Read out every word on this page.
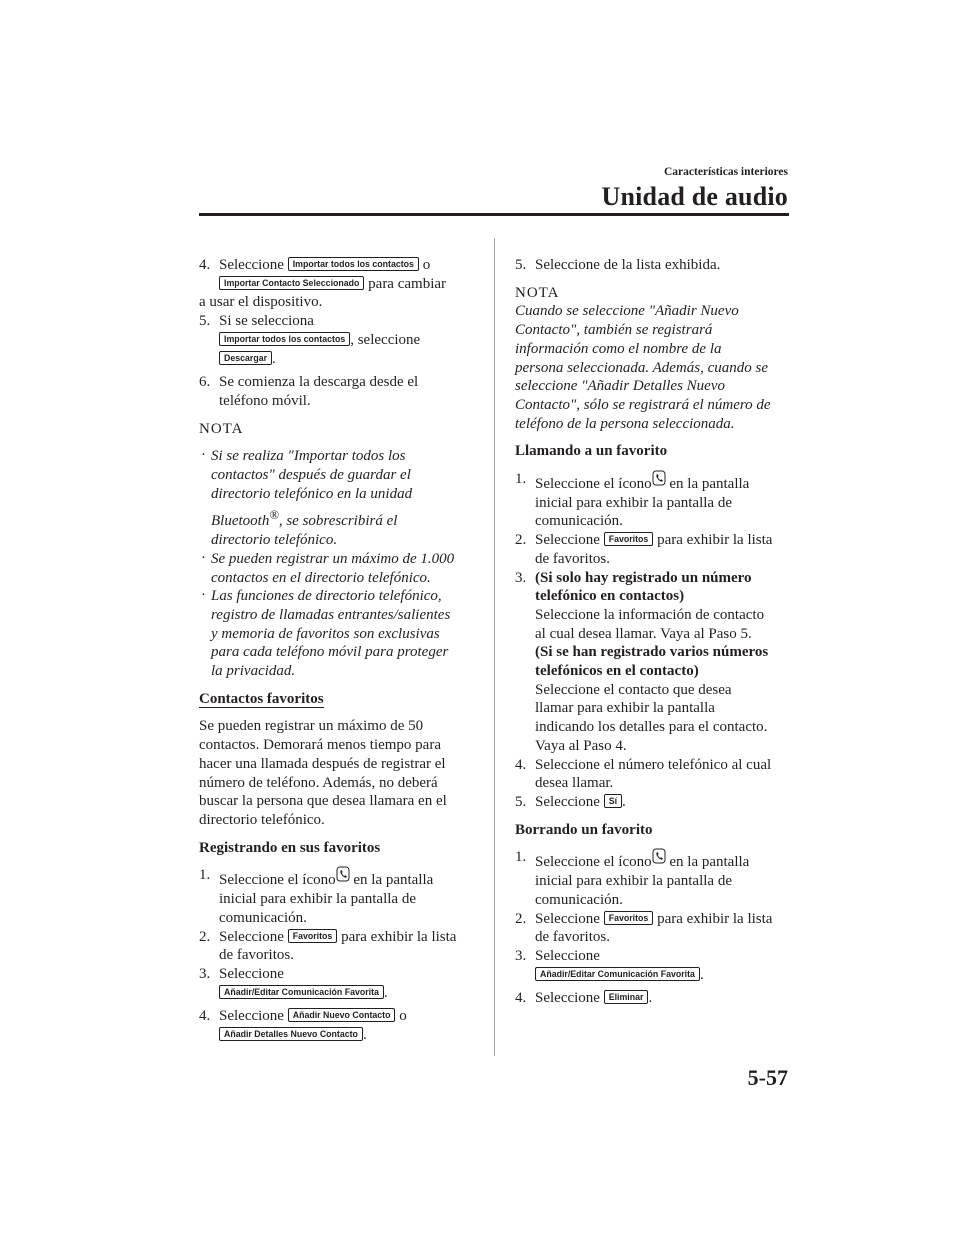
Características interiores
Unidad de audio
4. Seleccione Importar todos los contactos o

Importar Contacto Seleccionado para cambiar

a usar el dispositivo.

5. Si se selecciona

Importar todos los contactos , seleccione

Descargar .

6. Se comienza la descarga desde el

teléfono móvil.

NOTA

· Si se realiza "Importar todos los

contactos" después de guardar el

directorio telefónico en la unidad

Bluetooth®, se sobrescribirá el

directorio telefónico.

· Se pueden registrar un máximo de 1.000

contactos en el directorio telefónico.

· Las funciones de directorio telefónico,

registro de llamadas entrantes/salientes

y memoria de favoritos son exclusivas

para cada teléfono móvil para proteger

la privacidad.

Contactos favoritos

Se pueden registrar un máximo de 50

contactos. Demorará menos tiempo para

hacer una llamada después de registrar el

número de teléfono. Además, no deberá

buscar la persona que desea llamara en el

directorio telefónico.

Registrando en sus favoritos

1. Seleccione el ícono en la pantalla

inicial para exhibir la pantalla de

comunicación.

2. Seleccione Favoritos para exhibir la lista

de favoritos.

3. Seleccione

Añadir/Editar Comunicación Favorita .

4. Seleccione Añadir Nuevo Contacto o

Añadir Detalles Nuevo Contacto .

5. Seleccione de la lista exhibida.

NOTA

Cuando se seleccione "Añadir Nuevo

Contacto", también se registrará

información como el nombre de la

persona seleccionada. Además, cuando se

seleccione "Añadir Detalles Nuevo

Contacto", sólo se registrará el número de

teléfono de la persona seleccionada.

Llamando a un favorito

1. Seleccione el ícono en la pantalla

inicial para exhibir la pantalla de

comunicación.

2. Seleccione Favoritos para exhibir la lista

de favoritos.

3. (Si solo hay registrado un número

telefónico en contactos)

Seleccione la información de contacto

al cual desea llamar. Vaya al Paso 5.

(Si se han registrado varios números

telefónicos en el contacto)

Seleccione el contacto que desea

llamar para exhibir la pantalla

indicando los detalles para el contacto.

Vaya al Paso 4.

4. Seleccione el número telefónico al cual

desea llamar.

5. Seleccione Sí .

Borrando un favorito

1. Seleccione el ícono en la pantalla

inicial para exhibir la pantalla de

comunicación.

2. Seleccione Favoritos para exhibir la lista

de favoritos.

3. Seleccione

Añadir/Editar Comunicación Favorita .

4. Seleccione Eliminar .

5-57
